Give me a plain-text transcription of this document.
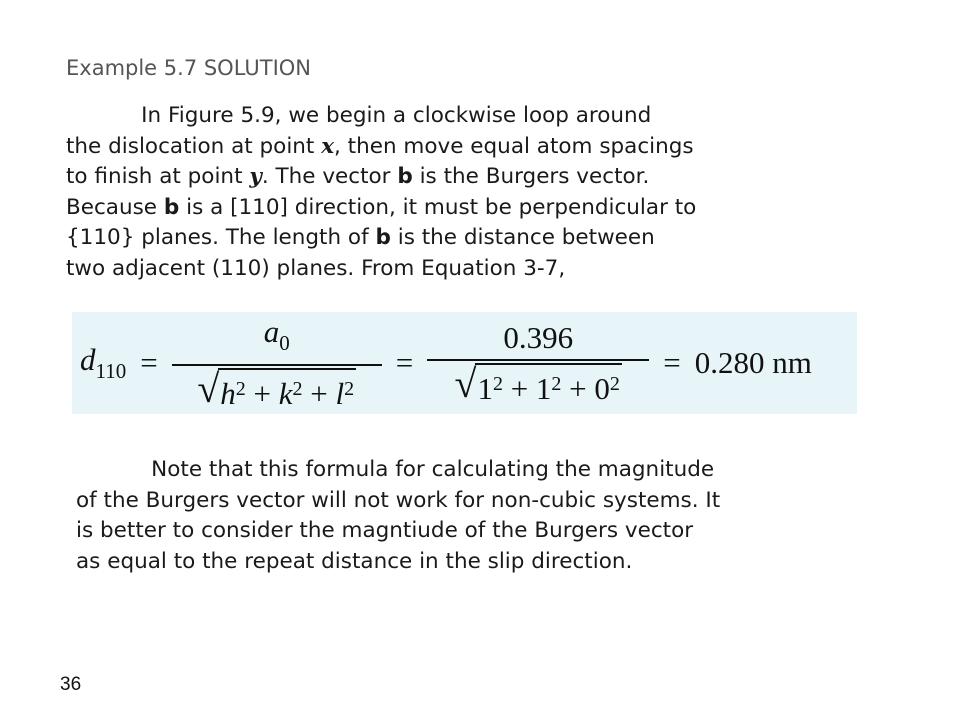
Example 5.7 SOLUTION
In Figure 5.9, we begin a clockwise loop around
the dislocation at point x, then move equal atom spacings
to finish at point y. The vector b is the Burgers vector.
Because b is a [110] direction, it must be perpendicular to
{110} planes. The length of b is the distance between
two adjacent (110) planes. From Equation 3-7,
$d_{110} = \frac{a_0}{√ h^2 + k^2 + l^2} = \frac{0.396}{√ 1^2 + 1^2 + 0^2} = 0.280$ nm
Note that this formula for calculating the magnitude
of the Burgers vector will not work for non-cubic systems. It
is better to consider the magntiude of the Burgers vector
as equal to the repeat distance in the slip direction.
36
